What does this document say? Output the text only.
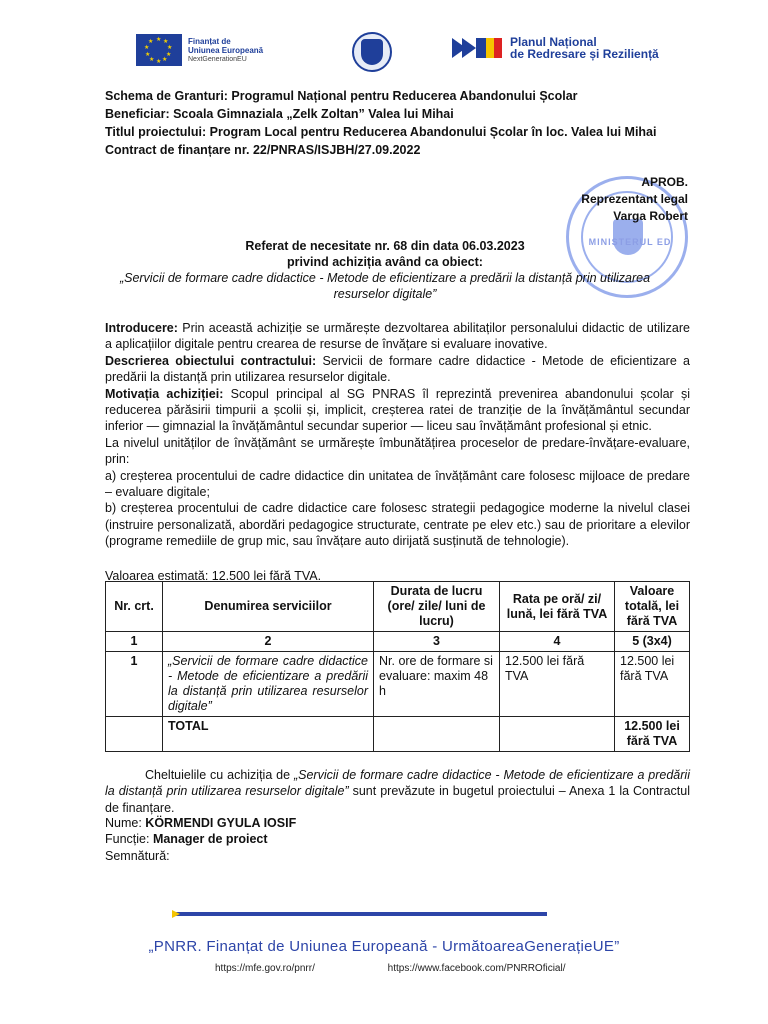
★ ★
★
★
★
★
★
★
★
★	Finanțat de
Uniunea Europeană
NextGenerationEU
Planul Național
de Redresare și Reziliență
Schema de Granturi: Programul Național pentru Reducerea Abandonului Școlar
Beneficiar: Scoala Gimnaziala „Zelk Zoltan” Valea lui Mihai
Titlul proiectului: Program Local pentru Reducerea Abandonului Școlar în loc. Valea lui Mihai
Contract de finanțare nr. 22/PNRAS/ISJBH/27.09.2022
MINISTERUL ED
APROB.
Reprezentant legal
Varga Robert
Referat de necesitate nr. 68 din data 06.03.2023
privind achiziția având ca obiect:
„Servicii de formare cadre didactice - Metode de eficientizare a predării la distanță prin utilizarea resurselor digitale”

Introducere: Prin această achiziție se urmărește dezvoltarea abilitaților personalului didactic de utilizare a aplicațiilor digitale pentru crearea de resurse de învățare si evaluare inovative.

Descrierea obiectului contractului: Servicii de formare cadre didactice - Metode de eficientizare a predării la distanță prin utilizarea resurselor digitale.

Motivația achiziției: Scopul principal al SG PNRAS îl reprezintă prevenirea abandonului școlar și reducerea părăsirii timpurii a școlii și, implicit, creșterea ratei de tranziție de la învățământul secundar inferior — gimnazial la învățământul secundar superior — liceu sau învățământ profesional și etnic.

La nivelul unităților de învățământ se urmărește îmbunătățirea proceselor de predare-învățare-evaluare, prin:

a) creșterea procentului de cadre didactice din unitatea de învățământ care folosesc mijloace de predare – evaluare digitale;

b) creșterea procentului de cadre didactice care folosesc strategii pedagogice moderne la nivelul clasei (instruire personalizată, abordări pedagogice structurate, centrate pe elev etc.) sau de prioritare a elevilor (programe remediile de grup mic, sau învățare auto dirijată susținută de tehnologie).

Valoarea estimată: 12.500 lei fără TVA.
Nr. crt.	Denumirea serviciilor	Durata de lucru (ore/ zile/ luni de lucru)	Rata pe oră/ zi/ lună, lei fără TVA	Valoare totală, lei fără TVA
1	2	3	4	5 (3x4)
1	„Servicii de formare cadre didactice - Metode de eficientizare a predării la distanță prin utilizarea resurselor digitale”	Nr. ore de formare si evaluare: maxim 48 h	12.500 lei fără TVA	12.500 lei fără TVA
	TOTAL			12.500 lei fără TVA
Cheltuielile cu achiziția de „Servicii de formare cadre didactice - Metode de eficientizare a predării la distanță prin utilizarea resurselor digitale” sunt prevăzute in bugetul proiectului – Anexa 1 la Contractul de finanțare.
Nume: KÖRMENDI GYULA IOSIF
Funcție: Manager de proiect
Semnătură:
„PNRR. Finanțat de Uniunea Europeană - UrmătoareaGenerațieUE”
https://mfe.gov.ro/pnrr/	https://www.facebook.com/PNRROficial/
